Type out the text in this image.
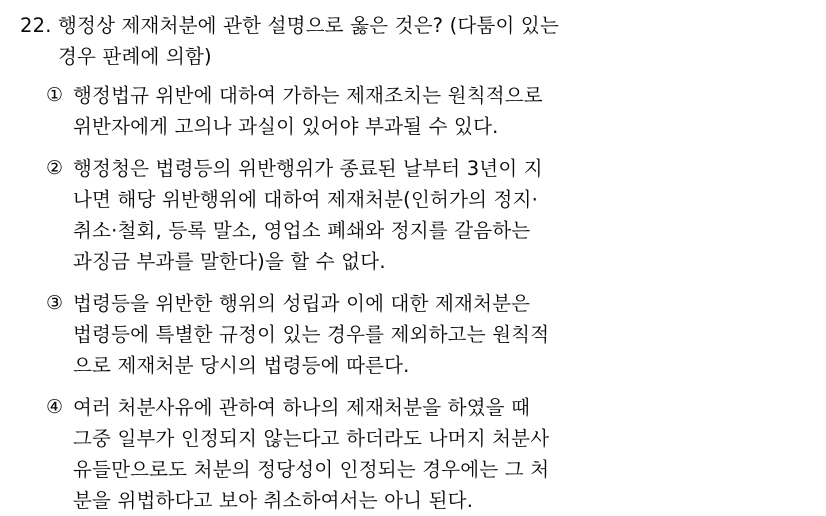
22. 행정상 제재처분에 관한 설명으로 옳은 것은? (다툼이 있는
경우 판례에 의함)
① 행정법규 위반에 대하여 가하는 제재조치는 원칙적으로
위반자에게 고의나 과실이 있어야 부과될 수 있다.
② 행정청은 법령등의 위반행위가 종료된 날부터 3년이 지
나면 해당 위반행위에 대하여 제재처분(인허가의 정지·
취소·철회, 등록 말소, 영업소 폐쇄와 정지를 갈음하는
과징금 부과를 말한다)을 할 수 없다.
③ 법령등을 위반한 행위의 성립과 이에 대한 제재처분은
법령등에 특별한 규정이 있는 경우를 제외하고는 원칙적
으로 제재처분 당시의 법령등에 따른다.
④ 여러 처분사유에 관하여 하나의 제재처분을 하였을 때
그중 일부가 인정되지 않는다고 하더라도 나머지 처분사
유들만으로도 처분의 정당성이 인정되는 경우에는 그 처
분을 위법하다고 보아 취소하여서는 아니 된다.
